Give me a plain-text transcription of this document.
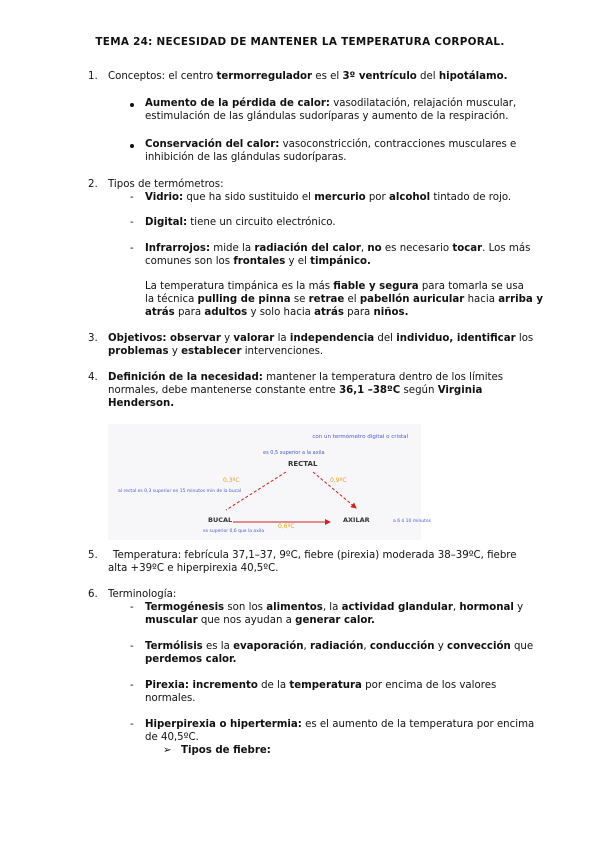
TEMA 24: NECESIDAD DE MANTENER LA TEMPERATURA CORPORAL.
1. Conceptos: el centro termorregulador es el 3º ventrículo del hipotálamo.
Aumento de la pérdida de calor: vasodilatación, relajación muscular,
estimulación de las glándulas sudoríparas y aumento de la respiración.
Conservación del calor: vasoconstricción, contracciones musculares e
inhibición de las glándulas sudoríparas.
2. Tipos de termómetros:
- Vidrio: que ha sido sustituido el mercurio por alcohol tintado de rojo.
- Digital: tiene un circuito electrónico.
- Infrarrojos: mide la radiación del calor, no es necesario tocar. Los más
comunes son los frontales y el timpánico.
La temperatura timpánica es la más fiable y segura para tomarla se usa
la técnica pulling de pinna se retrae el pabellón auricular hacia arriba y
atrás para adultos y solo hacia atrás para niños.
3. Objetivos: observar y valorar la independencia del individuo, identificar los
problemas y establecer intervenciones.
4. Definición de la necesidad: mantener la temperatura dentro de los límites
normales, debe mantenerse constante entre 36,1 –38ºC según Virginia
Henderson.
con un termómetro digital o cristal
es 0,5 superior a la axila
RECTAL
0,3ºC	0,9ºC
0,6ºC
al rectal es 0,3 superior en 15 minutos min de la bucal
BUCAL	AXILAR
es superior 0,6 que la axila
a 6 ó 10 minutos
5. Temperatura: febrícula 37,1–37, 9ºC, fiebre (pirexia) moderada 38–39ºC, fiebre
alta +39ºC e hiperpirexia 40,5ºC.
6. Terminología:
- Termogénesis son los alimentos, la actividad glandular, hormonal y
muscular que nos ayudan a generar calor.
- Termólisis es la evaporación, radiación, conducción y convección que
perdemos calor.
- Pirexia: incremento de la temperatura por encima de los valores
normales.
- Hiperpirexia o hipertermia: es el aumento de la temperatura por encima
de 40,5ºC.
➢ Tipos de fiebre:
